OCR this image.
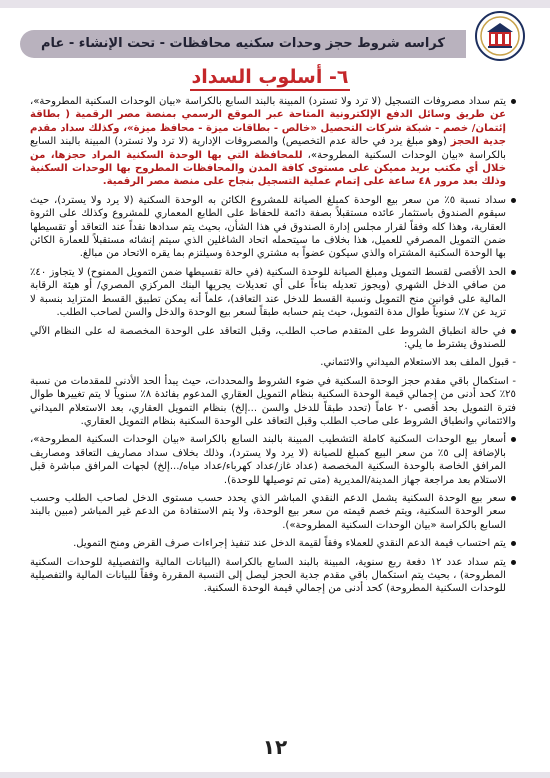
كراسه شروط حجز وحدات سكنيه محافظات - تحت الإنشاء - عام
٦- أسلوب السداد

يتم سداد مصروفات التسجيل (لا ترد ولا تسترد) المبينة بالبند السابع بالكراسة «بيان الوحدات السكنية المطروحة»، عن طريق وسائل الدفع الإلكترونية المتاحة عبر الموقع الرسمي بمنصة مصر الرقمية ( بطاقة إئتمان/ خصم - شبكة شركات التحصيل «خالص - بطاقات ميزة - محافظ ميزة»، وكذلك سداد مقدم جدية الحجز (وهو مبلغ يرد في حالة عدم التخصيص) والمصروفات الإدارية (لا ترد ولا تسترد) المبينة بالبند السابع بالكراسة «بيان الوحدات السكنية المطروحة»، للمحافظة التي بها الوحدة السكنية المراد حجزها، من خلال أي مكتب بريد مميكن على مستوى كافة المدن والمحافظات المطروح بها الوحدات السكنية وذلك بعد مرور ٤٨ ساعة على إتمام عملية التسجيل بنجاح على منصة مصر الرقمية.

سداد نسبة ٥٪ من سعر بيع الوحدة كمبلغ الصيانة للمشروع الكائن به الوحدة السكنية (لا يرد ولا يسترد)، حيث سيقوم الصندوق باستثمار عائده مستقبلاً بصفة دائمة للحفاظ على الطابع المعماري للمشروع وكذلك على الثروة العقارية، وهذا كله وفقاً لقرار مجلس إدارة الصندوق في هذا الشأن، بحيث يتم سدادها نقداً عند التعاقد أو تقسيطها ضمن التمويل المصرفي للعميل، هذا بخلاف ما سيتحمله اتحاد الشاغلين الذي سيتم إنشائه مستقبلاً للعمارة الكائن بها الوحدة السكنية المشتراه والذي سيكون عضواً به مشتري الوحدة وسيلتزم بما يقره الاتحاد من مبالغ.

الحد الأقصى لقسط التمويل ومبلغ الصيانة للوحدة السكنية (في حالة تقسيطها ضمن التمويل الممنوح) لا يتجاوز ٤٠٪ من صافي الدخل الشهري (ويجوز تعديله بناءاً على أي تعديلات يجريها البنك المركزي المصري/ أو هيئة الرقابة المالية على قوانين منح التمويل ونسبة القسط للدخل عند التعاقد)، علماً أنه يمكن تطبيق القسط المتزايد بنسبة لا تزيد عن ٧٪ سنوياً طوال مدة التمويل، حيث يتم حسابه طبقاً لسعر بيع الوحدة والدخل والسن لصاحب الطلب.

في حالة انطباق الشروط على المتقدم صاحب الطلب، وقبل التعاقد على الوحدة المخصصة له على النظام الآلي للصندوق يشترط ما يلي:

- قبول الملف بعد الاستعلام الميداني والائتماني.

- استكمال باقي مقدم حجز الوحدة السكنية في ضوء الشروط والمحددات، حيث يبدأ الحد الأدنى للمقدمات من نسبة ٢٥٪ كحد أدنى من إجمالي قيمة الوحدة السكنية بنظام التمويل العقاري المدعوم بفائدة ٨٪ سنوياً لا يتم تغييرها طوال فترة التمويل بحد أقصى ٢٠ عاماً (تحدد طبقاً للدخل والسن ...إلخ) بنظام التمويل العقاري، بعد الاستعلام الميداني والائتماني وانطباق الشروط على صاحب الطلب وقبل التعاقد على الوحدة السكنية بنظام التمويل العقاري.

أسعار بيع الوحدات السكنية كاملة التشطيب المبينة بالبند السابع بالكراسة «بيان الوحدات السكنية المطروحة»، بالإضافة إلى ٥٪ من سعر البيع كمبلغ للصيانة (لا يرد ولا يسترد)، وذلك بخلاف سداد مصاريف التعاقد ومصاريف المرافق الخاصة بالوحدة السكنية المخصصة (عداد غاز/عداد كهرباء/عداد مياه/...إلخ) لجهات المرافق مباشرة قبل الاستلام بعد مراجعة جهاز المدينة/المديرية (متى تم توصيلها للوحدة).

سعر بيع الوحدة السكنية يشمل الدعم النقدي المباشر الذي يحدد حسب مستوى الدخل لصاحب الطلب وحسب سعر الوحدة السكنية، ويتم خصم قيمته من سعر بيع الوحدة، ولا يتم الاستفادة من الدعم غير المباشر (مبين بالبند السابع بالكراسة «بيان الوحدات السكنية المطروحة»).

يتم احتساب قيمة الدعم النقدي للعملاء وفقاً لقيمة الدخل عند تنفيذ إجراءات صرف القرض ومنح التمويل.

يتم سداد عدد ١٢ دفعة ربع سنوية، المبينة بالبند السابع بالكراسة (البيانات المالية والتفصيلية للوحدات السكنية المطروحة) ، بحيث يتم استكمال باقي مقدم جدية الحجز ليصل إلى النسبة المقررة وفقاً للبيانات المالية والتفصيلية للوحدات السكنية المطروحة) كحد أدنى من إجمالي قيمة الوحدة السكنية.

١٢
